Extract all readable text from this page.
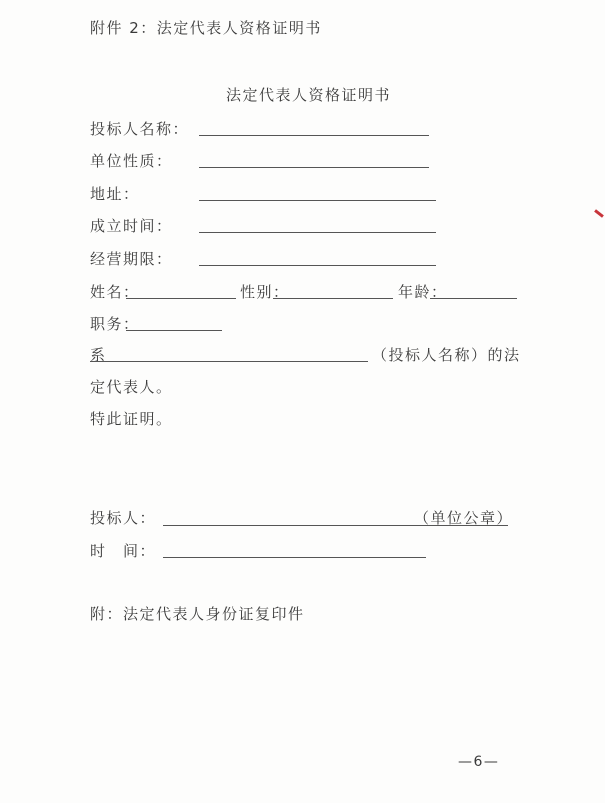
附件 2：法定代表人资格证明书
法定代表人资格证明书
投标人名称：
单位性质：
地址：
成立时间：
经营期限：
姓名：	性别：	年龄：
职务：
系	（投标人名称）的法
定代表人。
特此证明。
投标人：	（单位公章）
时　间：
附：法定代表人身份证复印件
—6—
